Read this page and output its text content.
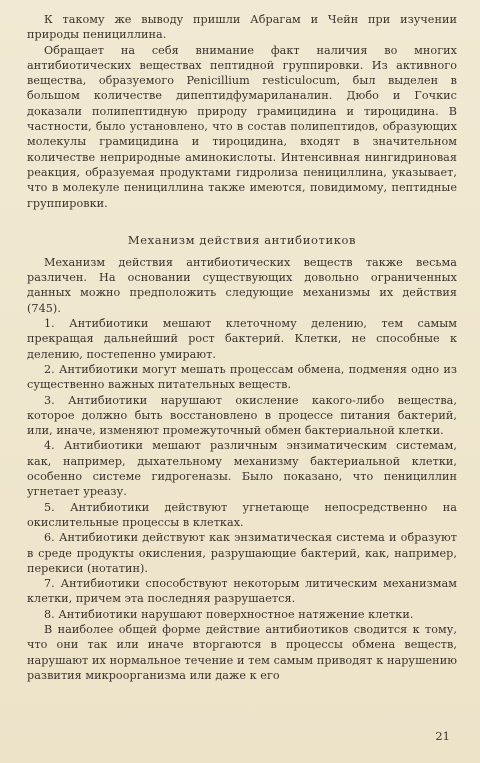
К такому же выводу пришли Абрагам и Чейн при изучении природы пенициллина.

Обращает на себя внимание факт наличия во многих антибиотических веществах пептидной группировки. Из активного вещества, образуемого Penicillium resticulocum, был выделен в большом количестве дипептидфумариланалин. Дюбо и Гочкис доказали полипептидную природу грамицидина и тироцидина. В частности, было установлено, что в состав полипептидов, образующих молекулы грамицидина и тироцидина, входят в значительном количестве неприродные аминокислоты. Интенсивная нингидриновая реакция, образуемая продуктами гидролиза пенициллина, указывает, что в молекуле пенициллина также имеются, повидимому, пептидные группировки.

Механизм действия антибиотиков

Механизм действия антибиотических веществ также весьма различен. На основании существующих довольно ограниченных данных можно предположить следующие механизмы их действия (745).

1. Антибиотики мешают клеточному делению, тем самым прекращая дальнейший рост бактерий. Клетки, не способные к делению, постепенно умирают.

2. Антибиотики могут мешать процессам обмена, подменяя одно из существенно важных питательных веществ.

3. Антибиотики нарушают окисление какого-либо вещества, которое должно быть восстановлено в процессе питания бактерий, или, иначе, изменяют промежуточный обмен бактериальной клетки.

4. Антибиотики мешают различным энзиматическим системам, как, например, дыхательному механизму бактериальной клетки, особенно системе гидрогеназы. Было показано, что пенициллин угнетает уреазу.

5. Антибиотики действуют угнетающе непосредственно на окислительные процессы в клетках.

6. Антибиотики действуют как энзиматическая система и образуют в среде продукты окисления, разрушающие бактерий, как, например, перекиси (нотатин).

7. Антибиотики способствуют некоторым литическим механизмам клетки, причем эта последняя разрушается.

8. Антибиотики нарушают поверхностное натяжение клетки.

В наиболее общей форме действие антибиотиков сводится к тому, что они так или иначе вторгаются в процессы обмена веществ, нарушают их нормальное течение и тем самым приводят к нарушению развития микроорганизма или даже к его

21
